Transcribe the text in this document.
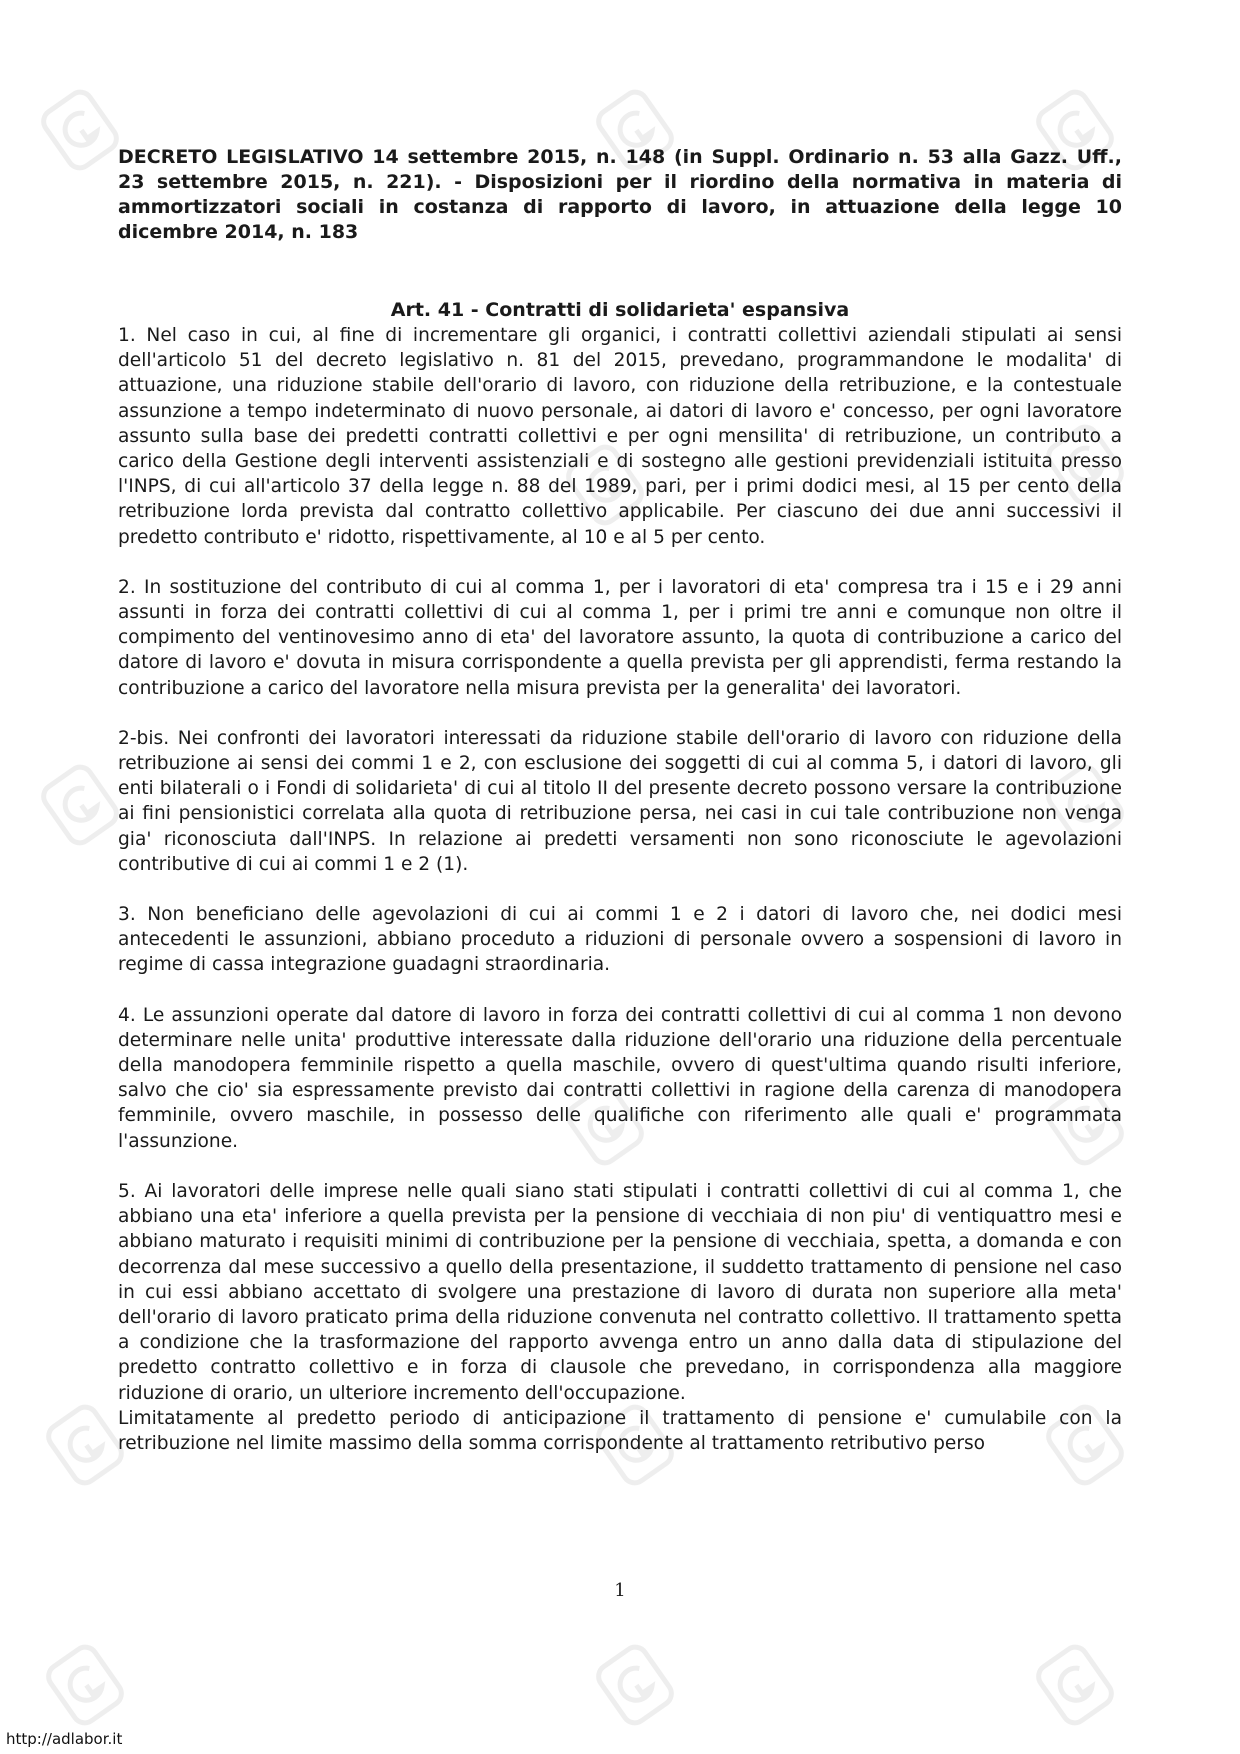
DECRETO LEGISLATIVO 14 settembre 2015, n. 148 (in Suppl. Ordinario n. 53 alla Gazz. Uff., 23 settembre 2015, n. 221). - Disposizioni per il riordino della normativa in materia di ammortizzatori sociali in costanza di rapporto di lavoro, in attuazione della legge 10 dicembre 2014, n. 183

Art. 41 - Contratti di solidarieta' espansiva

1. Nel caso in cui, al fine di incrementare gli organici, i contratti collettivi aziendali stipulati ai sensi dell'articolo 51 del decreto legislativo n. 81 del 2015, prevedano, programmandone le modalita' di attuazione, una riduzione stabile dell'orario di lavoro, con riduzione della retribuzione, e la contestuale assunzione a tempo indeterminato di nuovo personale, ai datori di lavoro e' concesso, per ogni lavoratore assunto sulla base dei predetti contratti collettivi e per ogni mensilita' di retribuzione, un contributo a carico della Gestione degli interventi assistenziali e di sostegno alle gestioni previdenziali istituita presso l'INPS, di cui all'articolo 37 della legge n. 88 del 1989, pari, per i primi dodici mesi, al 15 per cento della retribuzione lorda prevista dal contratto collettivo applicabile. Per ciascuno dei due anni successivi il predetto contributo e' ridotto, rispettivamente, al 10 e al 5 per cento.

2. In sostituzione del contributo di cui al comma 1, per i lavoratori di eta' compresa tra i 15 e i 29 anni assunti in forza dei contratti collettivi di cui al comma 1, per i primi tre anni e comunque non oltre il compimento del ventinovesimo anno di eta' del lavoratore assunto, la quota di contribuzione a carico del datore di lavoro e' dovuta in misura corrispondente a quella prevista per gli apprendisti, ferma restando la contribuzione a carico del lavoratore nella misura prevista per la generalita' dei lavoratori.

2-bis. Nei confronti dei lavoratori interessati da riduzione stabile dell'orario di lavoro con riduzione della retribuzione ai sensi dei commi 1 e 2, con esclusione dei soggetti di cui al comma 5, i datori di lavoro, gli enti bilaterali o i Fondi di solidarieta' di cui al titolo II del presente decreto possono versare la contribuzione ai fini pensionistici correlata alla quota di retribuzione persa, nei casi in cui tale contribuzione non venga gia' riconosciuta dall'INPS. In relazione ai predetti versamenti non sono riconosciute le agevolazioni contributive di cui ai commi 1 e 2 (1).

3. Non beneficiano delle agevolazioni di cui ai commi 1 e 2 i datori di lavoro che, nei dodici mesi antecedenti le assunzioni, abbiano proceduto a riduzioni di personale ovvero a sospensioni di lavoro in regime di cassa integrazione guadagni straordinaria.

4. Le assunzioni operate dal datore di lavoro in forza dei contratti collettivi di cui al comma 1 non devono determinare nelle unita' produttive interessate dalla riduzione dell'orario una riduzione della percentuale della manodopera femminile rispetto a quella maschile, ovvero di quest'ultima quando risulti inferiore, salvo che cio' sia espressamente previsto dai contratti collettivi in ragione della carenza di manodopera femminile, ovvero maschile, in possesso delle qualifiche con riferimento alle quali e' programmata l'assunzione.

5. Ai lavoratori delle imprese nelle quali siano stati stipulati i contratti collettivi di cui al comma 1, che abbiano una eta' inferiore a quella prevista per la pensione di vecchiaia di non piu' di ventiquattro mesi e abbiano maturato i requisiti minimi di contribuzione per la pensione di vecchiaia, spetta, a domanda e con decorrenza dal mese successivo a quello della presentazione, il suddetto trattamento di pensione nel caso in cui essi abbiano accettato di svolgere una prestazione di lavoro di durata non superiore alla meta' dell'orario di lavoro praticato prima della riduzione convenuta nel contratto collettivo. Il trattamento spetta a condizione che la trasformazione del rapporto avvenga entro un anno dalla data di stipulazione del predetto contratto collettivo e in forza di clausole che prevedano, in corrispondenza alla maggiore riduzione di orario, un ulteriore incremento dell'occupazione.

Limitatamente al predetto periodo di anticipazione il trattamento di pensione e' cumulabile con la retribuzione nel limite massimo della somma corrispondente al trattamento retributivo perso

1
http://adlabor.it
